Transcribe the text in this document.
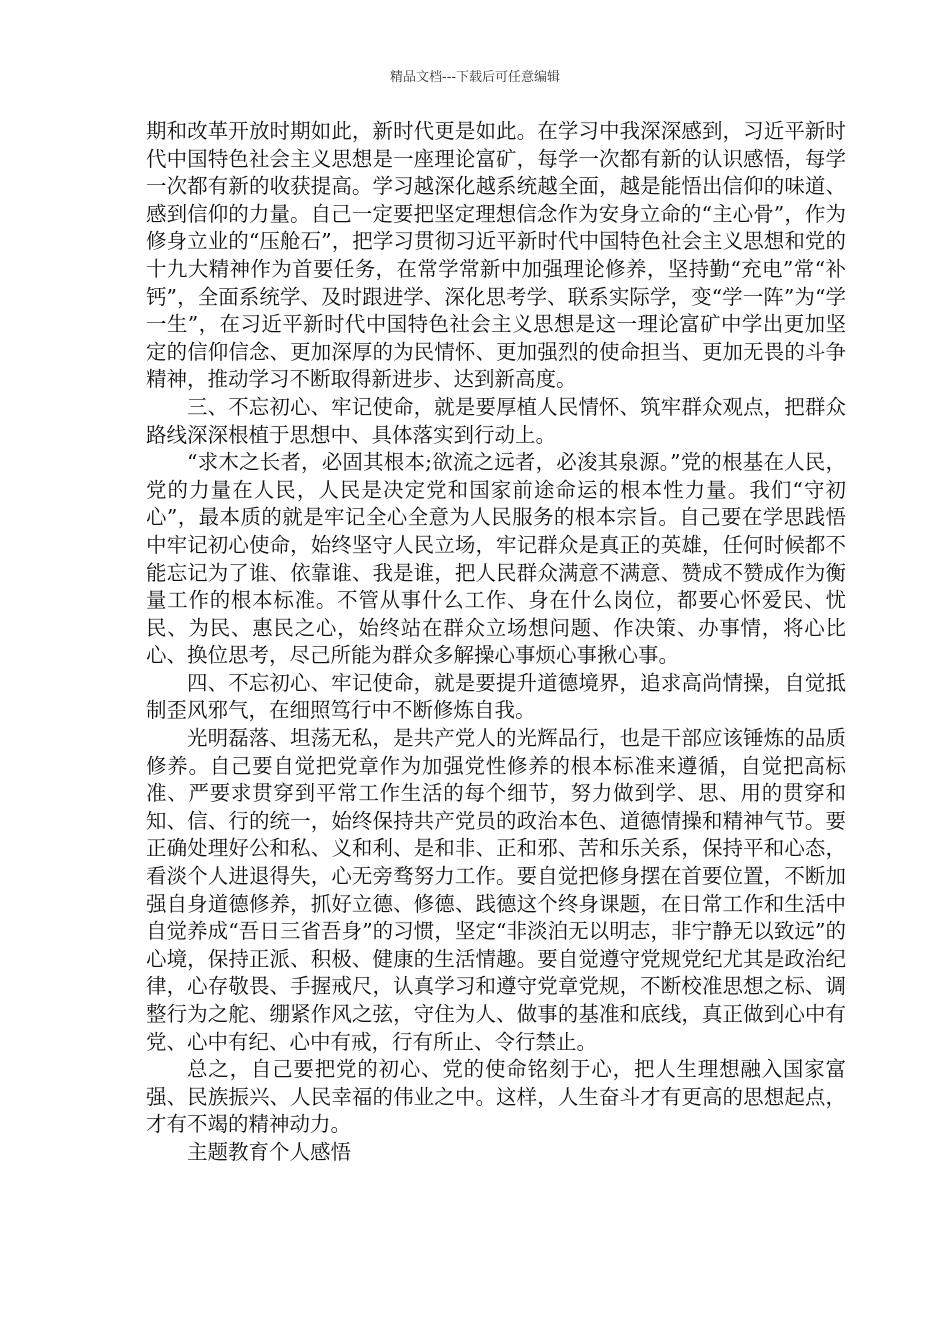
精品文档---下载后可任意编辑

期和改革开放时期如此，新时代更是如此。在学习中我深深感到，习近平新时代中国特色社会主义思想是一座理论富矿，每学一次都有新的认识感悟，每学一次都有新的收获提高。学习越深化越系统越全面，越是能悟出信仰的味道、感到信仰的力量。自己一定要把坚定理想信念作为安身立命的“主心骨”，作为修身立业的“压舱石”，把学习贯彻习近平新时代中国特色社会主义思想和党的十九大精神作为首要任务，在常学常新中加强理论修养，坚持勤“充电”常“补钙”，全面系统学、及时跟进学、深化思考学、联系实际学，变“学一阵”为“学一生”，在习近平新时代中国特色社会主义思想是这一理论富矿中学出更加坚定的信仰信念、更加深厚的为民情怀、更加强烈的使命担当、更加无畏的斗争精神，推动学习不断取得新进步、达到新高度。

三、不忘初心、牢记使命，就是要厚植人民情怀、筑牢群众观点，把群众路线深深根植于思想中、具体落实到行动上。

“求木之长者，必固其根本;欲流之远者，必浚其泉源。”党的根基在人民，党的力量在人民，人民是决定党和国家前途命运的根本性力量。我们“守初心”，最本质的就是牢记全心全意为人民服务的根本宗旨。自己要在学思践悟中牢记初心使命，始终坚守人民立场，牢记群众是真正的英雄，任何时候都不能忘记为了谁、依靠谁、我是谁，把人民群众满意不满意、赞成不赞成作为衡量工作的根本标准。不管从事什么工作、身在什么岗位，都要心怀爱民、忧民、为民、惠民之心，始终站在群众立场想问题、作决策、办事情，将心比心、换位思考，尽己所能为群众多解操心事烦心事揪心事。

四、不忘初心、牢记使命，就是要提升道德境界，追求高尚情操，自觉抵制歪风邪气，在细照笃行中不断修炼自我。

光明磊落、坦荡无私，是共产党人的光辉品行，也是干部应该锤炼的品质修养。自己要自觉把党章作为加强党性修养的根本标准来遵循，自觉把高标准、严要求贯穿到平常工作生活的每个细节，努力做到学、思、用的贯穿和知、信、行的统一，始终保持共产党员的政治本色、道德情操和精神气节。要正确处理好公和私、义和利、是和非、正和邪、苦和乐关系，保持平和心态，看淡个人进退得失，心无旁骛努力工作。要自觉把修身摆在首要位置，不断加强自身道德修养，抓好立德、修德、践德这个终身课题，在日常工作和生活中自觉养成“吾日三省吾身”的习惯，坚定“非淡泊无以明志，非宁静无以致远”的心境，保持正派、积极、健康的生活情趣。要自觉遵守党规党纪尤其是政治纪律，心存敬畏、手握戒尺，认真学习和遵守党章党规，不断校准思想之标、调整行为之舵、绷紧作风之弦，守住为人、做事的基准和底线，真正做到心中有党、心中有纪、心中有戒，行有所止、令行禁止。

总之，自己要把党的初心、党的使命铭刻于心，把人生理想融入国家富强、民族振兴、人民幸福的伟业之中。这样，人生奋斗才有更高的思想起点，才有不竭的精神动力。

主题教育个人感悟
